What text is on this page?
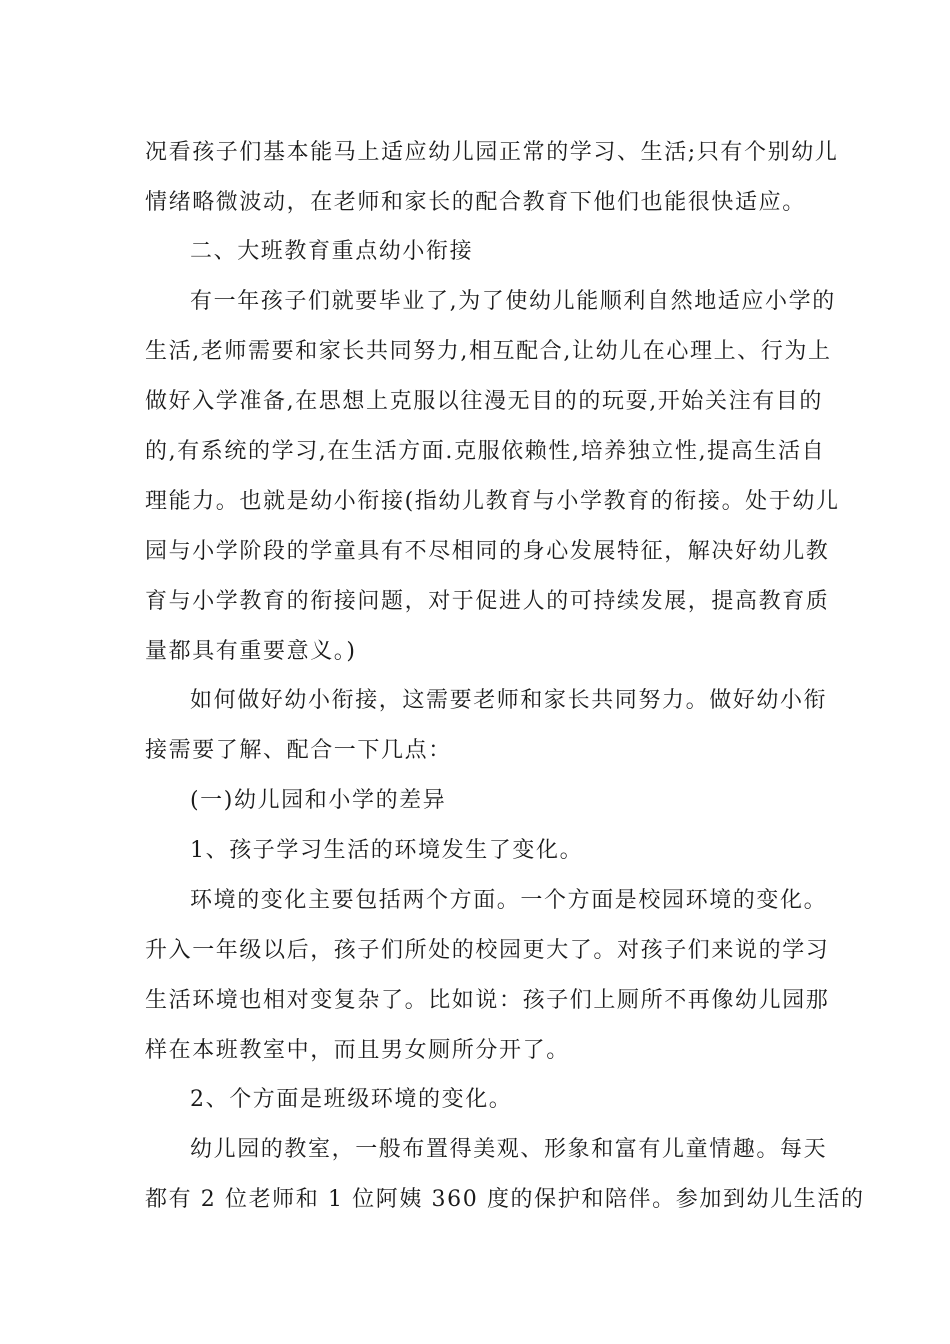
况看孩子们基本能马上适应幼儿园正常的学习、生活;只有个别幼儿
情绪略微波动，在老师和家长的配合教育下他们也能很快适应。
二、大班教育重点幼小衔接
有一年孩子们就要毕业了,为了使幼儿能顺利自然地适应小学的
生活,老师需要和家长共同努力,相互配合,让幼儿在心理上、行为上
做好入学准备,在思想上克服以往漫无目的的玩耍,开始关注有目的
的,有系统的学习,在生活方面.克服依赖性,培养独立性,提高生活自
理能力。也就是幼小衔接(指幼儿教育与小学教育的衔接。处于幼儿
园与小学阶段的学童具有不尽相同的身心发展特征，解决好幼儿教
育与小学教育的衔接问题，对于促进人的可持续发展，提高教育质
量都具有重要意义。)
如何做好幼小衔接，这需要老师和家长共同努力。做好幼小衔
接需要了解、配合一下几点：
(一)幼儿园和小学的差异
1、孩子学习生活的环境发生了变化。
环境的变化主要包括两个方面。一个方面是校园环境的变化。
升入一年级以后，孩子们所处的校园更大了。对孩子们来说的学习
生活环境也相对变复杂了。比如说：孩子们上厕所不再像幼儿园那
样在本班教室中，而且男女厕所分开了。
2、个方面是班级环境的变化。
幼儿园的教室，一般布置得美观、形象和富有儿童情趣。每天
都有 2 位老师和 1 位阿姨 360 度的保护和陪伴。参加到幼儿生活的
